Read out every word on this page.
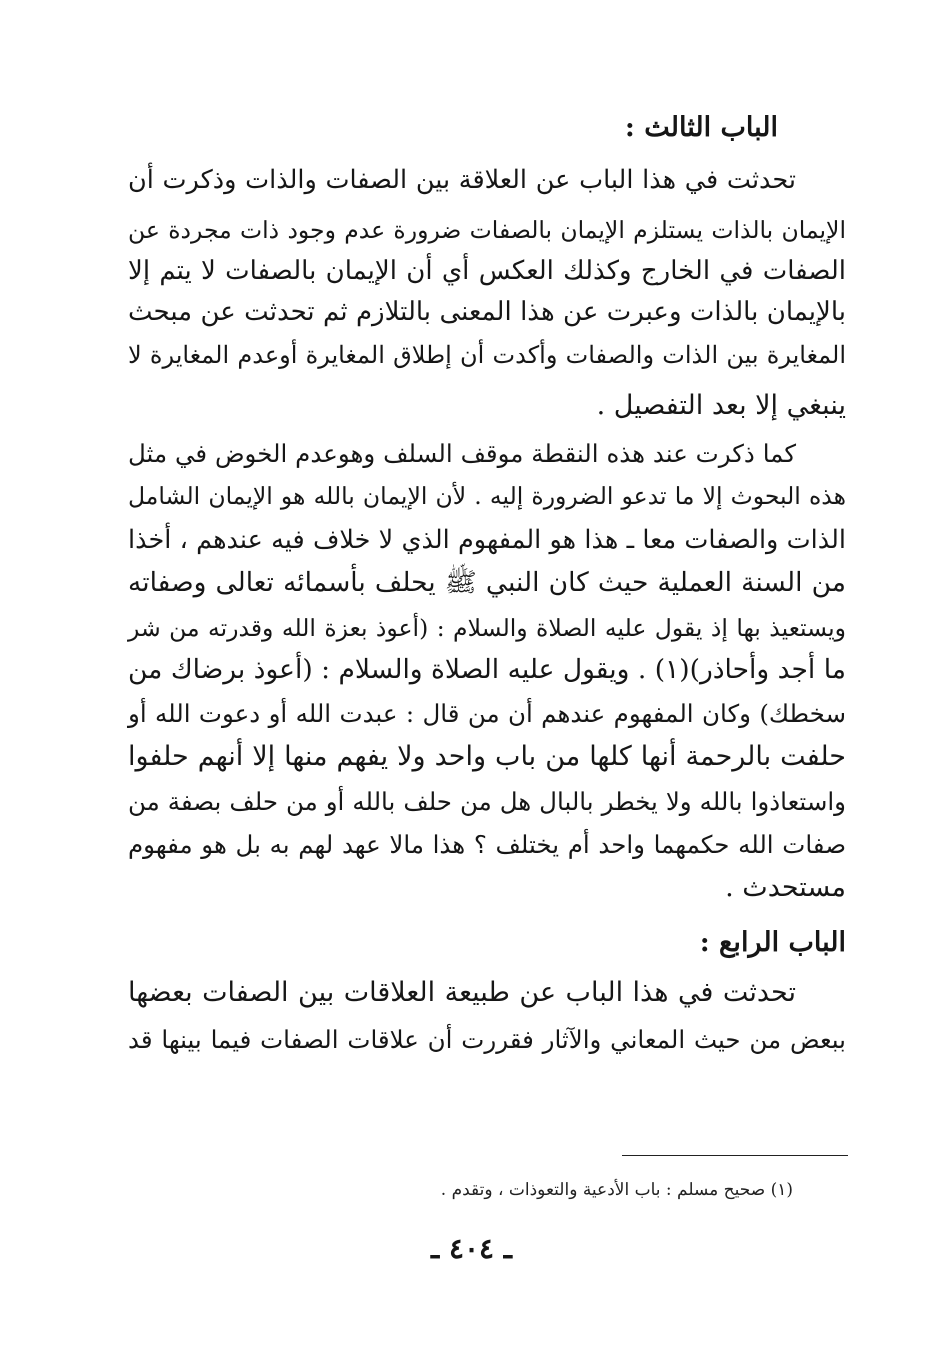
الباب الثالث :
تحدثت في هذا الباب عن العلاقة بين الصفات والذات وذكرت أن
الإيمان بالذات يستلزم الإيمان بالصفات ضرورة عدم وجود ذات مجردة عن
الصفات في الخارج وكذلك العكس أي أن الإيمان بالصفات لا يتم إلا
بالإيمان بالذات وعبرت عن هذا المعنى بالتلازم ثم تحدثت عن مبحث
المغايرة بين الذات والصفات وأكدت أن إطلاق المغايرة أوعدم المغايرة لا
ينبغي إلا بعد التفصيل .
كما ذكرت عند هذه النقطة موقف السلف وهوعدم الخوض في مثل
هذه البحوث إلا ما تدعو الضرورة إليه . لأن الإيمان بالله هو الإيمان الشامل
الذات والصفات معا ـ هذا هو المفهوم الذي لا خلاف فيه عندهم ، أخذا
من السنة العملية حيث كان النبي ﷺ يحلف بأسمائه تعالى وصفاته
ويستعيذ بها إذ يقول عليه الصلاة والسلام : (أعوذ بعزة الله وقدرته من شر
ما أجد وأحاذر)(١) . ويقول عليه الصلاة والسلام : (أعوذ برضاك من
سخطك) وكان المفهوم عندهم أن من قال : عبدت الله أو دعوت الله أو
حلفت بالرحمة أنها كلها من باب واحد ولا يفهم منها إلا أنهم حلفوا
واستعاذوا بالله ولا يخطر بالبال هل من حلف بالله أو من حلف بصفة من
صفات الله حكمهما واحد أم يختلف ؟ هذا مالا عهد لهم به بل هو مفهوم
مستحدث .
الباب الرابع :
تحدثت في هذا الباب عن طبيعة العلاقات بين الصفات بعضها
ببعض من حيث المعاني والآثار فقررت أن علاقات الصفات فيما بينها قد
(١) صحيح مسلم : باب الأدعية والتعوذات ، وتقدم .
ـ ٤٠٤ ـ
